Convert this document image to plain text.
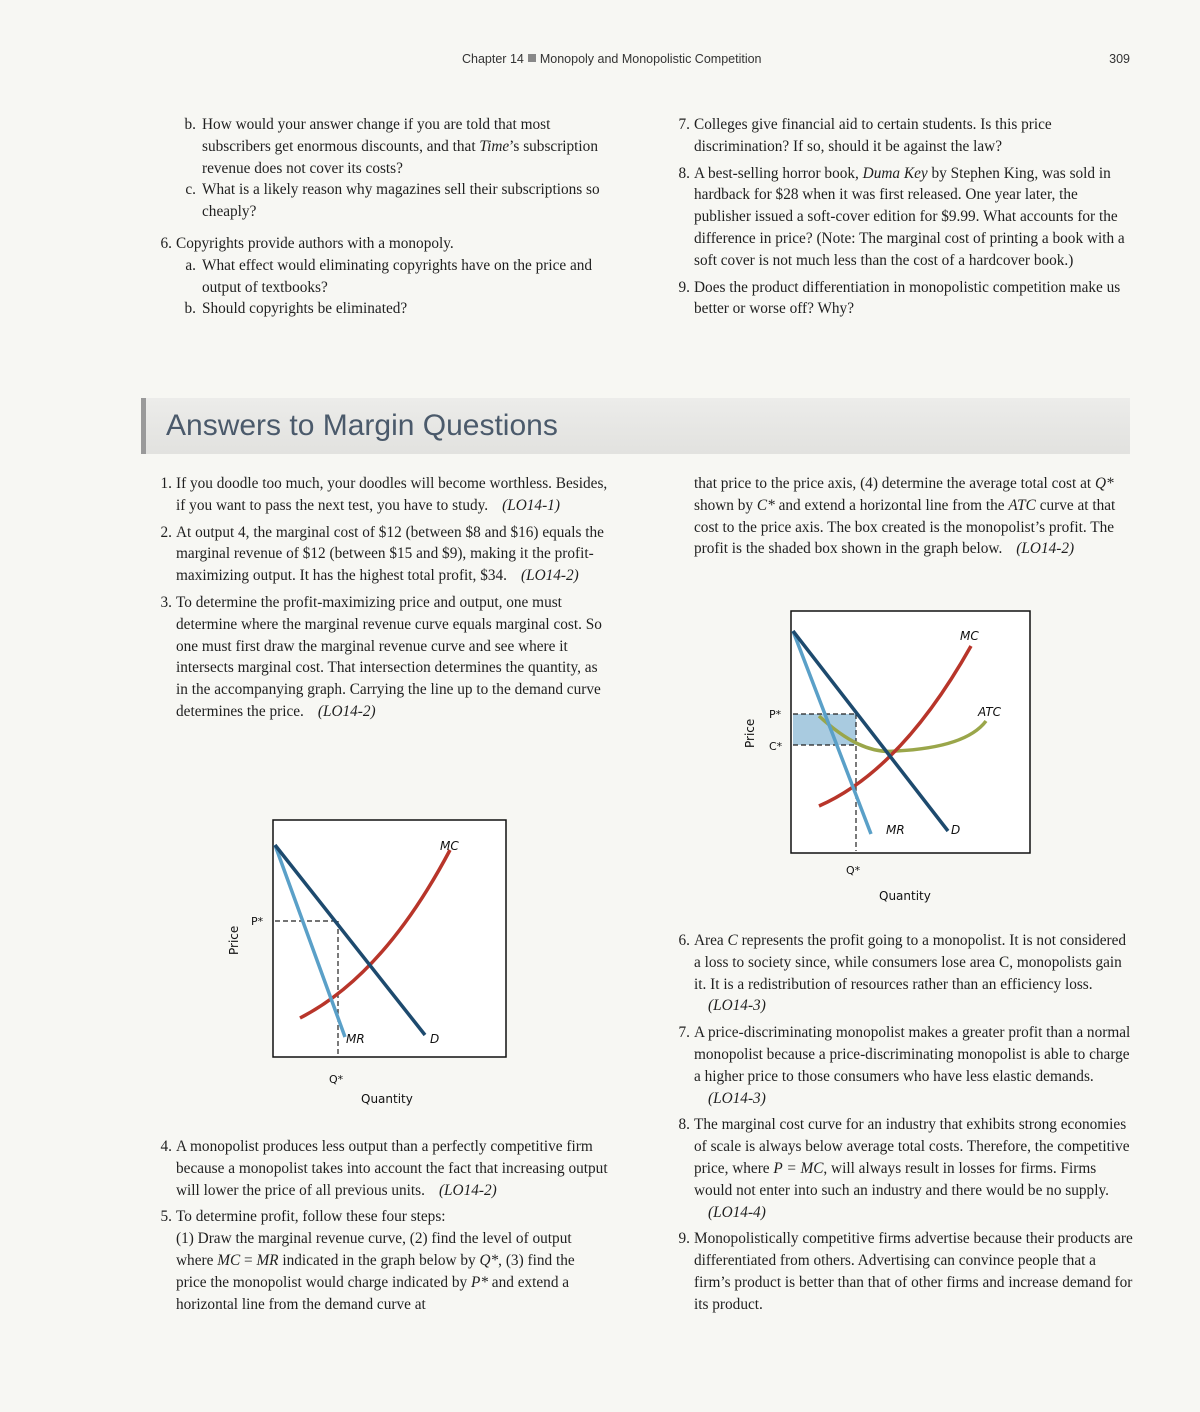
Chapter 14 Monopoly and Monopolistic Competition	309
b. How would your answer change if you are told that most subscribers get enormous discounts, and that Time’s subscription revenue does not cover its costs?
c. What is a likely reason why magazines sell their subscriptions so cheaply?
6. Copyrights provide authors with a monopoly.
a. What effect would eliminating copyrights have on the price and output of textbooks?
b. Should copyrights be eliminated?
7. Colleges give financial aid to certain students. Is this price discrimination? If so, should it be against the law?
8. A best-selling horror book, Duma Key by Stephen King, was sold in hardback for $28 when it was first released. One year later, the publisher issued a soft-cover edition for $9.99. What accounts for the difference in price? (Note: The marginal cost of printing a book with a soft cover is not much less than the cost of a hardcover book.)
9. Does the product differentiation in monopolistic competition make us better or worse off? Why?
Answers to Margin Questions
1. If you doodle too much, your doodles will become worthless. Besides, if you want to pass the next test, you have to study. (LO14-1)
2. At output 4, the marginal cost of $12 (between $8 and $16) equals the marginal revenue of $12 (between $15 and $9), making it the profit-maximizing output. It has the highest total profit, $34. (LO14-2)
3. To determine the profit-maximizing price and output, one must determine where the marginal revenue curve equals marginal cost. So one must first draw the marginal revenue curve and see where it intersects marginal cost. That intersection determines the quantity, as in the accompanying graph. Carrying the line up to the demand curve determines the price. (LO14-2)
MC
MR	D
P*
Q*
Quantity
Price
4. A monopolist produces less output than a perfectly competitive firm because a monopolist takes into account the fact that increasing output will lower the price of all previous units. (LO14-2)
5. To determine profit, follow these four steps:
(1) Draw the marginal revenue curve, (2) find the level of output where MC = MR indicated in the graph below by Q*, (3) find the price the monopolist would charge indicated by P* and extend a horizontal line from the demand curve at
that price to the price axis, (4) determine the average total cost at Q* shown by C* and extend a horizontal line from the ATC curve at that cost to the price axis. The box created is the monopolist’s profit. The profit is the shaded box shown in the graph below. (LO14-2)
MC
ATC
MR	D
P*
C*
Q*
Quantity
Price
6. Area C represents the profit going to a monopolist. It is not considered a loss to society since, while consumers lose area C, monopolists gain it. It is a redistribution of resources rather than an efficiency loss.(LO14-3)
7. A price-discriminating monopolist makes a greater profit than a normal monopolist because a price-discriminating monopolist is able to charge a higher price to those consumers who have less elastic demands.(LO14-3)
8. The marginal cost curve for an industry that exhibits strong economies of scale is always below average total costs. Therefore, the competitive price, where P = MC, will always result in losses for firms. Firms would not enter into such an industry and there would be no supply.(LO14-4)
9. Monopolistically competitive firms advertise because their products are differentiated from others. Advertising can convince people that a firm’s product is better than that of other firms and increase demand for its product.
